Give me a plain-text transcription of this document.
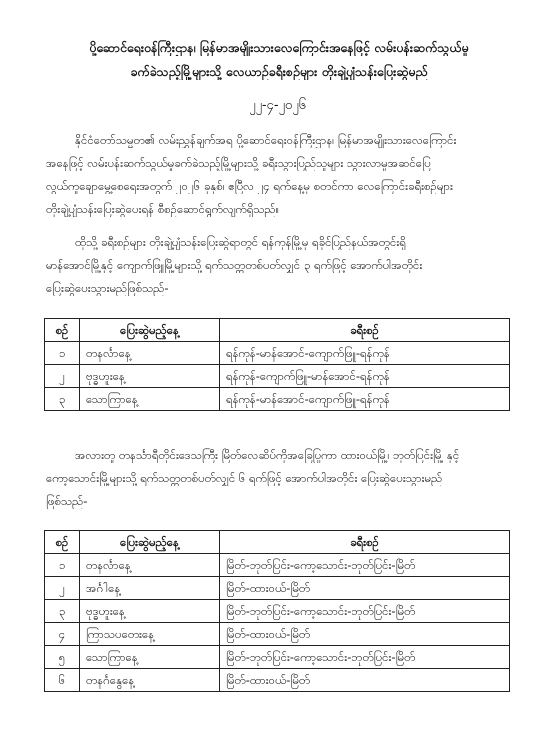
ပို့ဆောင်ရေးဝန်ကြီးဌာန၊ မြန်မာအမျိုးသားလေကြောင်းအနေဖြင့် လမ်းပန်းဆက်သွယ်မှု
ခက်ခဲသည့်မြို့များသို့ လေယာဉ်ခရီးစဉ်များ တိုးချဲ့ပျံသန်းပြေးဆွဲမည်
၂၂-၄-၂၀၂၆
နိုင်ငံတော်သမ္မတ၏ လမ်းညွှန်ချက်အရ ပို့ဆောင်ရေးဝန်ကြီးဌာန၊ မြန်မာအမျိုးသားလေကြောင်း
အနေဖြင့် လမ်းပန်းဆက်သွယ်မှုခက်ခဲသည့်မြို့များသို့ ခရီးသွားပြည်သူများ သွားလာမှုအဆင်ပြေ
လွယ်ကူချောမွေ့စေရေးအတွက် ၂၀၂၆ ခုနှစ်၊ ဧပြီလ ၂၄ ရက်နေ့မှ စတင်ကာ လေကြောင်းခရီးစဉ်များ
တိုးချဲ့ပျံသန်းပြေးဆွဲပေးရန် စီစဉ်ဆောင်ရွက်လျက်ရှိသည်။
ထိုသို့ ခရီးစဉ်များ တိုးချဲ့ပျံသန်းပြေးဆွဲရာတွင် ရန်ကုန်မြို့မှ ရခိုင်ပြည်နယ်အတွင်းရှိ
မာန်အောင်မြို့နှင့် ကျောက်ဖြူမြို့များသို့ ရက်သတ္တတစ်ပတ်လျှင် ၃ ရက်ဖြင့် အောက်ပါအတိုင်း
ပြေးဆွဲပေးသွားမည်ဖြစ်သည်-
စဉ်	ပြေးဆွဲမည့်နေ့	ခရီးစဉ်
၁	တနင်္လာနေ့	ရန်ကုန်-မာန်အောင်-ကျောက်ဖြူ-ရန်ကုန်
၂	ဗုဒ္ဓဟူးနေ့	ရန်ကုန်-ကျောက်ဖြူ-မာန်အောင်-ရန်ကုန်
၃	သောကြာနေ့	ရန်ကုန်-မာန်အောင်-ကျောက်ဖြူ-ရန်ကုန်
အလားတူ တနင်္သာရီတိုင်းဒေသကြီး မြိတ်လေဆိပ်ကိုအခြေပြုကာ ထားဝယ်မြို့၊ ဘုတ်ပြင်းမြို့ နှင့်
ကော့သောင်းမြို့များသို့ ရက်သတ္တတစ်ပတ်လျှင် ၆ ရက်ဖြင့် အောက်ပါအတိုင်း ပြေးဆွဲပေးသွားမည်
ဖြစ်သည်-
စဉ်	ပြေးဆွဲမည့်နေ့	ခရီးစဉ်
၁	တနင်္လာနေ့	မြိတ်-ဘုတ်ပြင်း-ကော့သောင်း-ဘုတ်ပြင်း-မြိတ်
၂	အင်္ဂါနေ့	မြိတ်-ထားဝယ်-မြိတ်
၃	ဗုဒ္ဓဟူးနေ့	မြိတ်-ဘုတ်ပြင်း-ကော့သောင်း-ဘုတ်ပြင်း-မြိတ်
၄	ကြာသပတေးနေ့	မြိတ်-ထားဝယ်-မြိတ်
၅	သောကြာနေ့	မြိတ်-ဘုတ်ပြင်း-ကော့သောင်း-ဘုတ်ပြင်း-မြိတ်
၆	တနင်္ဂနွေနေ့	မြိတ်-ထားဝယ်-မြိတ်
